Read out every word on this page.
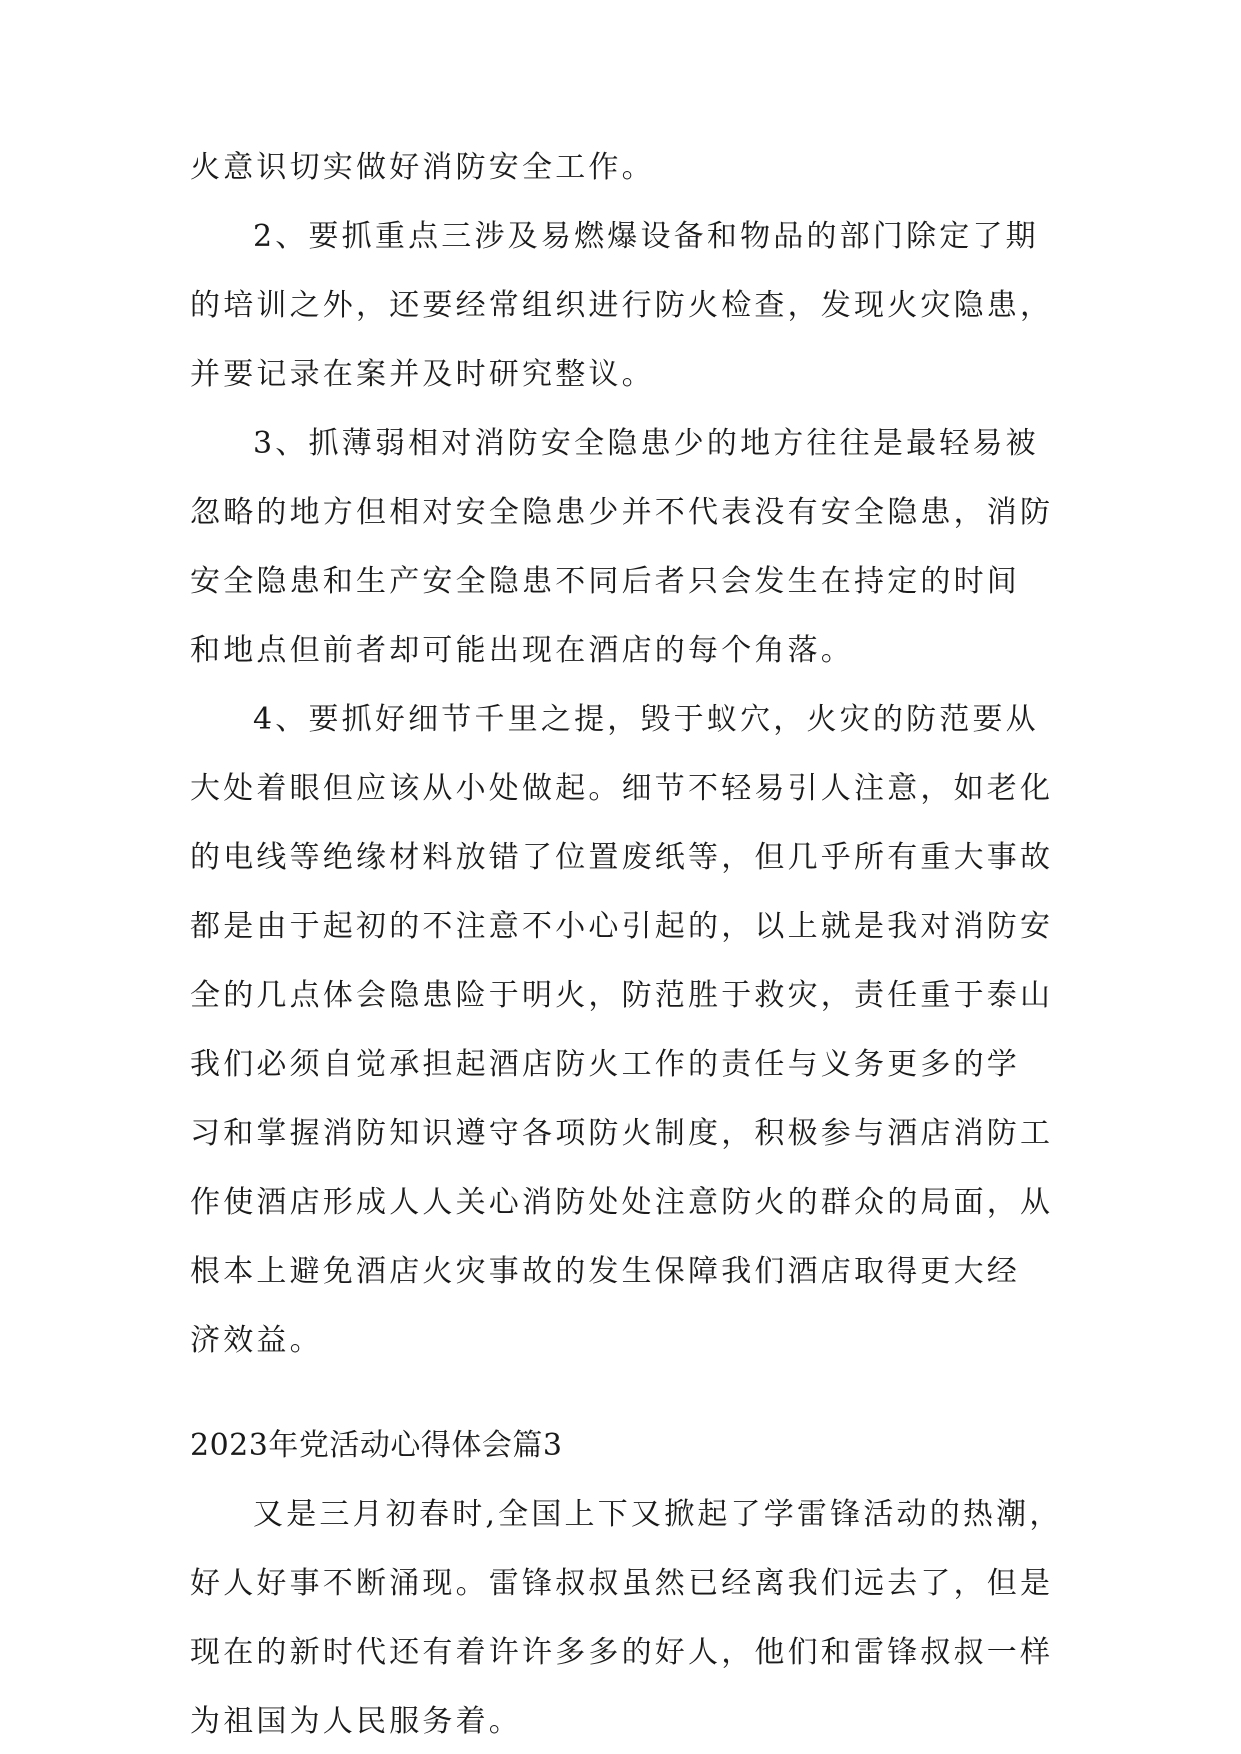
火意识切实做好消防安全工作。
2、要抓重点三涉及易燃爆设备和物品的部门除定了期
的培训之外，还要经常组织进行防火检查，发现火灾隐患，
并要记录在案并及时研究整议。
3、抓薄弱相对消防安全隐患少的地方往往是最轻易被
忽略的地方但相对安全隐患少并不代表没有安全隐患，消防
安全隐患和生产安全隐患不同后者只会发生在持定的时间
和地点但前者却可能出现在酒店的每个角落。
4、要抓好细节千里之提，毁于蚁穴，火灾的防范要从
大处着眼但应该从小处做起。细节不轻易引人注意，如老化
的电线等绝缘材料放错了位置废纸等，但几乎所有重大事故
都是由于起初的不注意不小心引起的，以上就是我对消防安
全的几点体会隐患险于明火，防范胜于救灾，责任重于泰山
我们必须自觉承担起酒店防火工作的责任与义务更多的学
习和掌握消防知识遵守各项防火制度，积极参与酒店消防工
作使酒店形成人人关心消防处处注意防火的群众的局面，从
根本上避免酒店火灾事故的发生保障我们酒店取得更大经
济效益。
2023年党活动心得体会篇3
又是三月初春时,全国上下又掀起了学雷锋活动的热潮，
好人好事不断涌现。雷锋叔叔虽然已经离我们远去了，但是
现在的新时代还有着许许多多的好人，他们和雷锋叔叔一样
为祖国为人民服务着。
